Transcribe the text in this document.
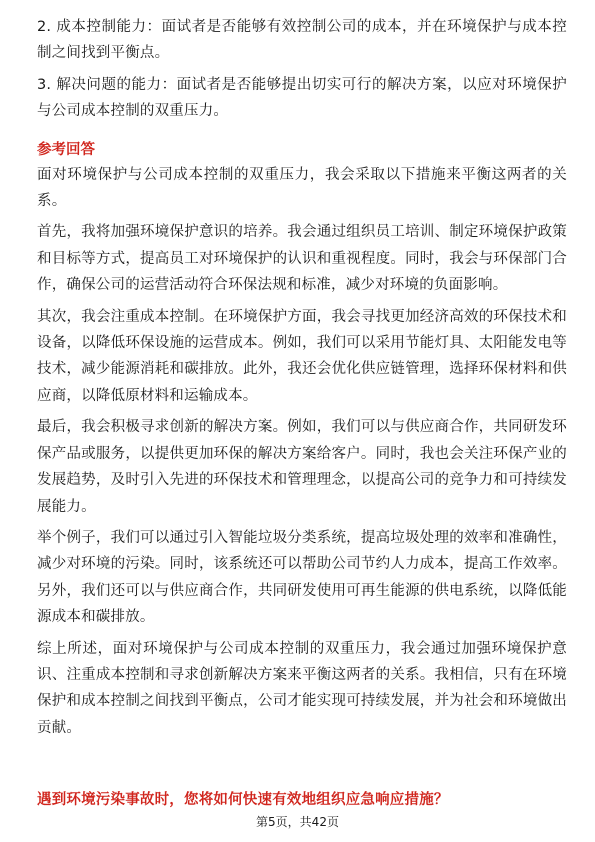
2. 成本控制能力：面试者是否能够有效控制公司的成本，并在环境保护与成本控制之间找到平衡点。

3. 解决问题的能力：面试者是否能够提出切实可行的解决方案，以应对环境保护与公司成本控制的双重压力。

参考回答

面对环境保护与公司成本控制的双重压力，我会采取以下措施来平衡这两者的关系。

首先，我将加强环境保护意识的培养。我会通过组织员工培训、制定环境保护政策和目标等方式，提高员工对环境保护的认识和重视程度。同时，我会与环保部门合作，确保公司的运营活动符合环保法规和标准，减少对环境的负面影响。

其次，我会注重成本控制。在环境保护方面，我会寻找更加经济高效的环保技术和设备，以降低环保设施的运营成本。例如，我们可以采用节能灯具、太阳能发电等技术，减少能源消耗和碳排放。此外，我还会优化供应链管理，选择环保材料和供应商，以降低原材料和运输成本。

最后，我会积极寻求创新的解决方案。例如，我们可以与供应商合作，共同研发环保产品或服务，以提供更加环保的解决方案给客户。同时，我也会关注环保产业的发展趋势，及时引入先进的环保技术和管理理念，以提高公司的竞争力和可持续发展能力。

举个例子，我们可以通过引入智能垃圾分类系统，提高垃圾处理的效率和准确性，减少对环境的污染。同时，该系统还可以帮助公司节约人力成本，提高工作效率。另外，我们还可以与供应商合作，共同研发使用可再生能源的供电系统，以降低能源成本和碳排放。

综上所述，面对环境保护与公司成本控制的双重压力，我会通过加强环境保护意识、注重成本控制和寻求创新解决方案来平衡这两者的关系。我相信，只有在环境保护和成本控制之间找到平衡点，公司才能实现可持续发展，并为社会和环境做出贡献。

遇到环境污染事故时，您将如何快速有效地组织应急响应措施？
第5页，共42页
